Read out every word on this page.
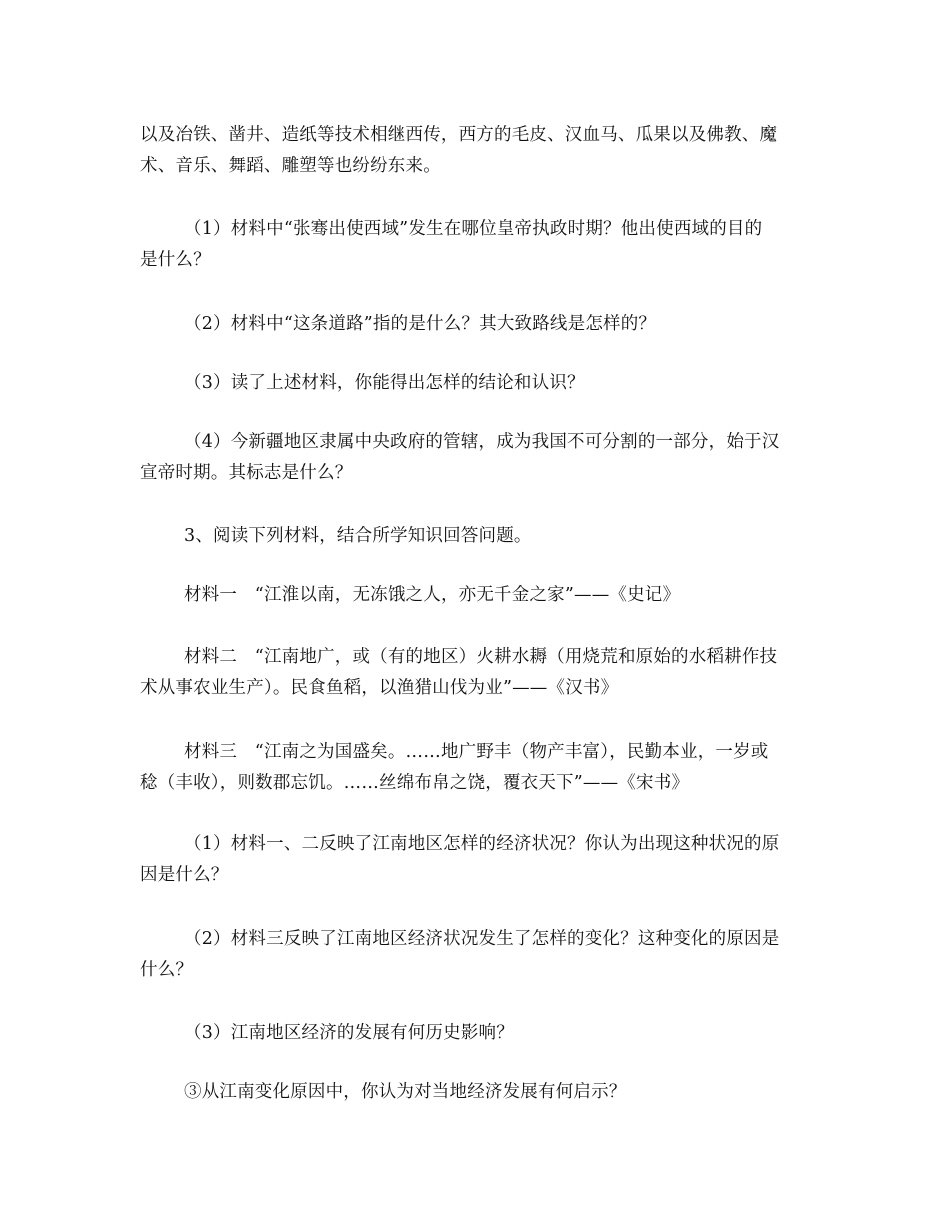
以及冶铁、凿井、造纸等技术相继西传，西方的毛皮、汉血马、瓜果以及佛教、魔
术、音乐、舞蹈、雕塑等也纷纷东来。

（1）材料中“张骞出使西域”发生在哪位皇帝执政时期？他出使西域的目的
是什么？

（2）材料中“这条道路”指的是什么？其大致路线是怎样的？

（3）读了上述材料，你能得出怎样的结论和认识？

（4）今新疆地区隶属中央政府的管辖，成为我国不可分割的一部分，始于汉
宣帝时期。其标志是什么？

3、阅读下列材料，结合所学知识回答问题。

材料一　“江淮以南，无冻饿之人，亦无千金之家”——《史记》

材料二　“江南地广，或（有的地区）火耕水耨（用烧荒和原始的水稻耕作技
术从事农业生产）。民食鱼稻，以渔猎山伐为业”——《汉书》

材料三　“江南之为国盛矣。……地广野丰（物产丰富），民勤本业，一岁或
稔（丰收），则数郡忘饥。……丝绵布帛之饶，覆衣天下”——《宋书》

（1）材料一、二反映了江南地区怎样的经济状况？你认为出现这种状况的原
因是什么？

（2）材料三反映了江南地区经济状况发生了怎样的变化？这种变化的原因是
什么？

（3）江南地区经济的发展有何历史影响？

③从江南变化原因中，你认为对当地经济发展有何启示？
